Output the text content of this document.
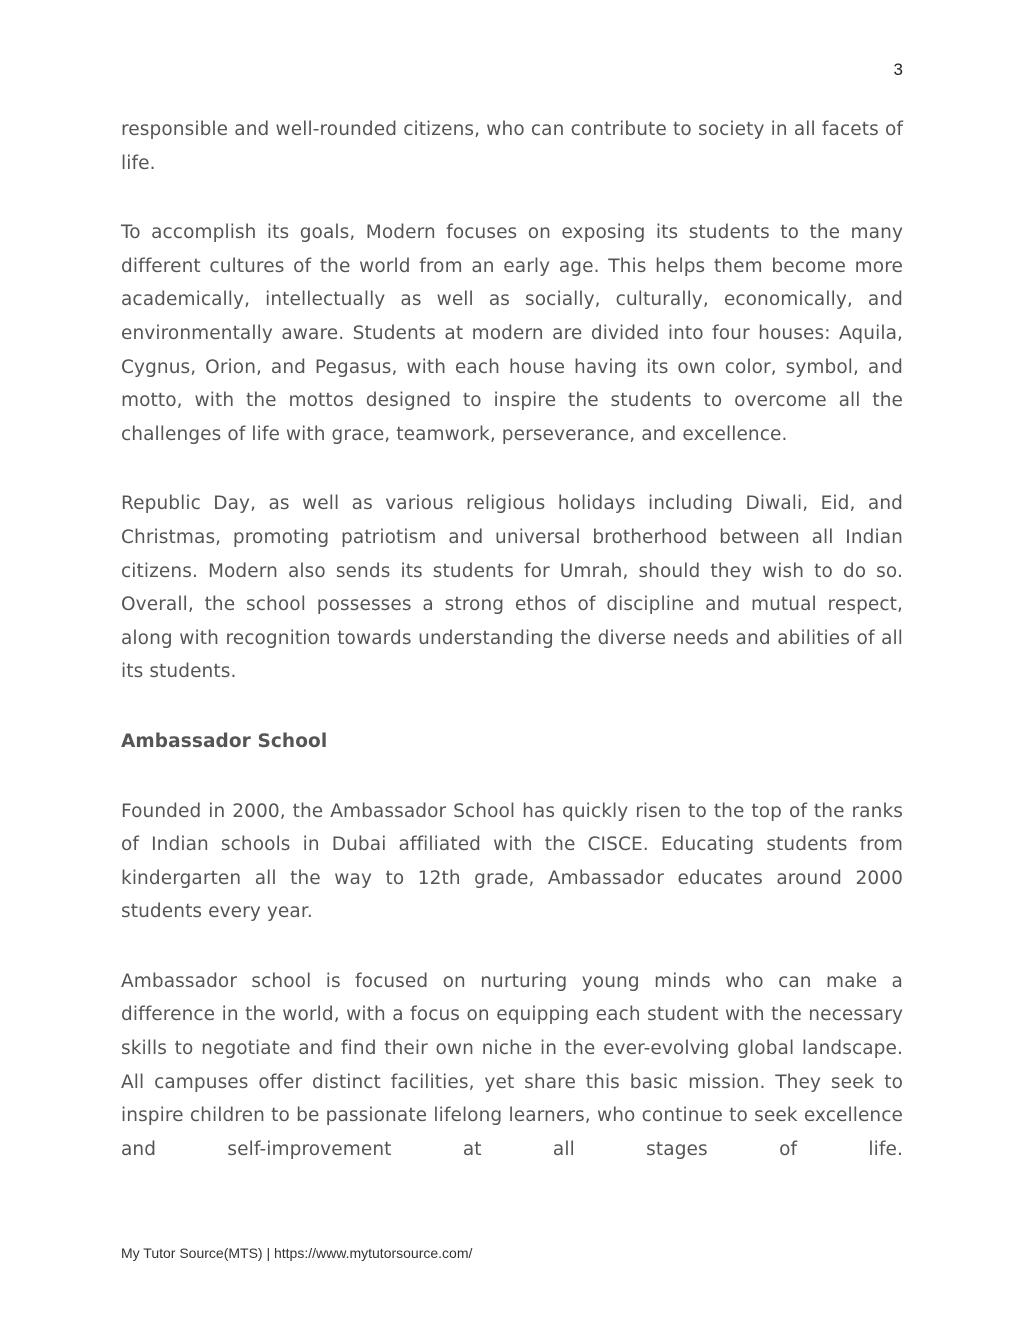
3

responsible and well-rounded citizens, who can contribute to society in all facets of life.

To accomplish its goals, Modern focuses on exposing its students to the many different cultures of the world from an early age. This helps them become more academically, intellectually as well as socially, culturally, economically, and environmentally aware. Students at modern are divided into four houses: Aquila, Cygnus, Orion, and Pegasus, with each house having its own color, symbol, and motto, with the mottos designed to inspire the students to overcome all the challenges of life with grace, teamwork, perseverance, and excellence.

Republic Day, as well as various religious holidays including Diwali, Eid, and Christmas, promoting patriotism and universal brotherhood between all Indian citizens. Modern also sends its students for Umrah, should they wish to do so. Overall, the school possesses a strong ethos of discipline and mutual respect, along with recognition towards understanding the diverse needs and abilities of all its students.

Ambassador School

Founded in 2000, the Ambassador School has quickly risen to the top of the ranks of Indian schools in Dubai affiliated with the CISCE. Educating students from kindergarten all the way to 12th grade, Ambassador educates around 2000 students every year.

Ambassador school is focused on nurturing young minds who can make a difference in the world, with a focus on equipping each student with the necessary skills to negotiate and find their own niche in the ever-evolving global landscape. All campuses offer distinct facilities, yet share this basic mission. They seek to inspire children to be passionate lifelong learners, who continue to seek excellence and self-improvement at all stages of life.

My Tutor Source(MTS) | https://www.mytutorsource.com/
